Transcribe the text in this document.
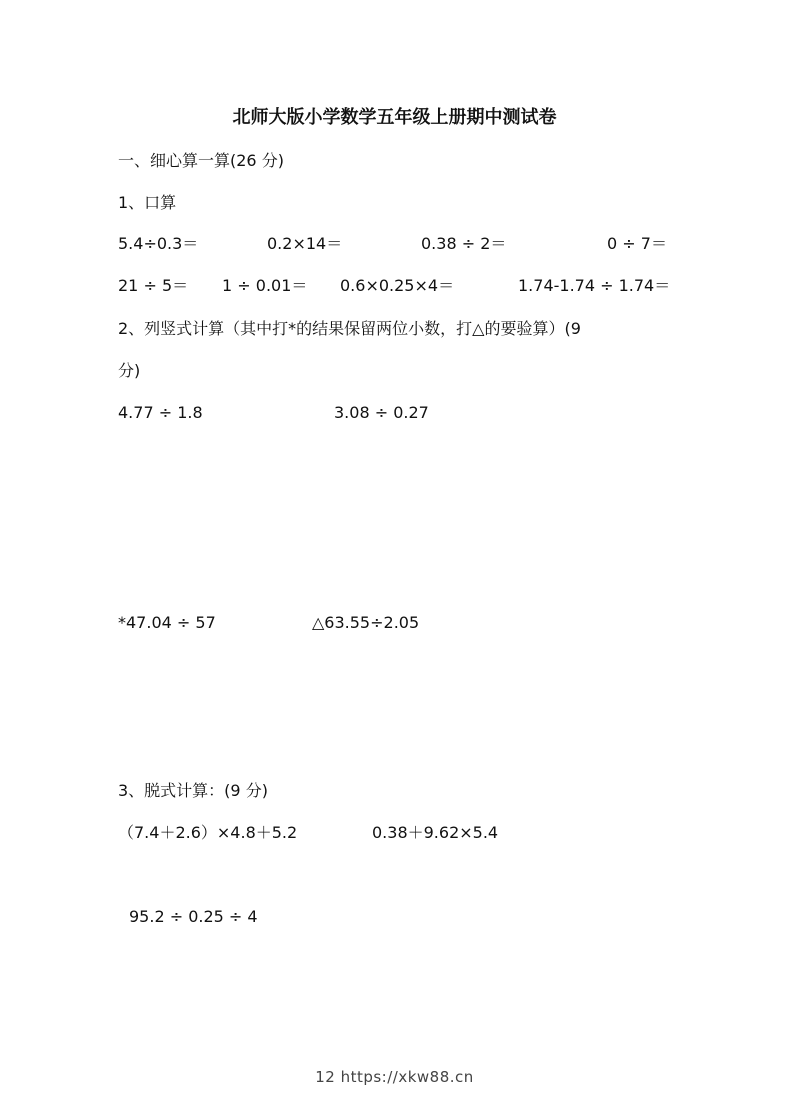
北师大版小学数学五年级上册期中测试卷
一、细心算一算(26 分)
1、口算
5.4÷0.3＝	0.2×14＝	0.38 ÷ 2＝	0 ÷ 7＝
21 ÷ 5＝ 1 ÷ 0.01＝ 0.6×0.25×4＝	1.74-1.74 ÷ 1.74＝
2、列竖式计算（其中打*的结果保留两位小数，打△的要验算）(9
分)
4.77 ÷ 1.8	3.08 ÷ 0.27
*47.04 ÷ 57	△63.55÷2.05
3、脱式计算：(9 分)
（7.4＋2.6）×4.8＋5.2	0.38＋9.62×5.4
95.2 ÷ 0.25 ÷ 4
12 https://xkw88.cn
